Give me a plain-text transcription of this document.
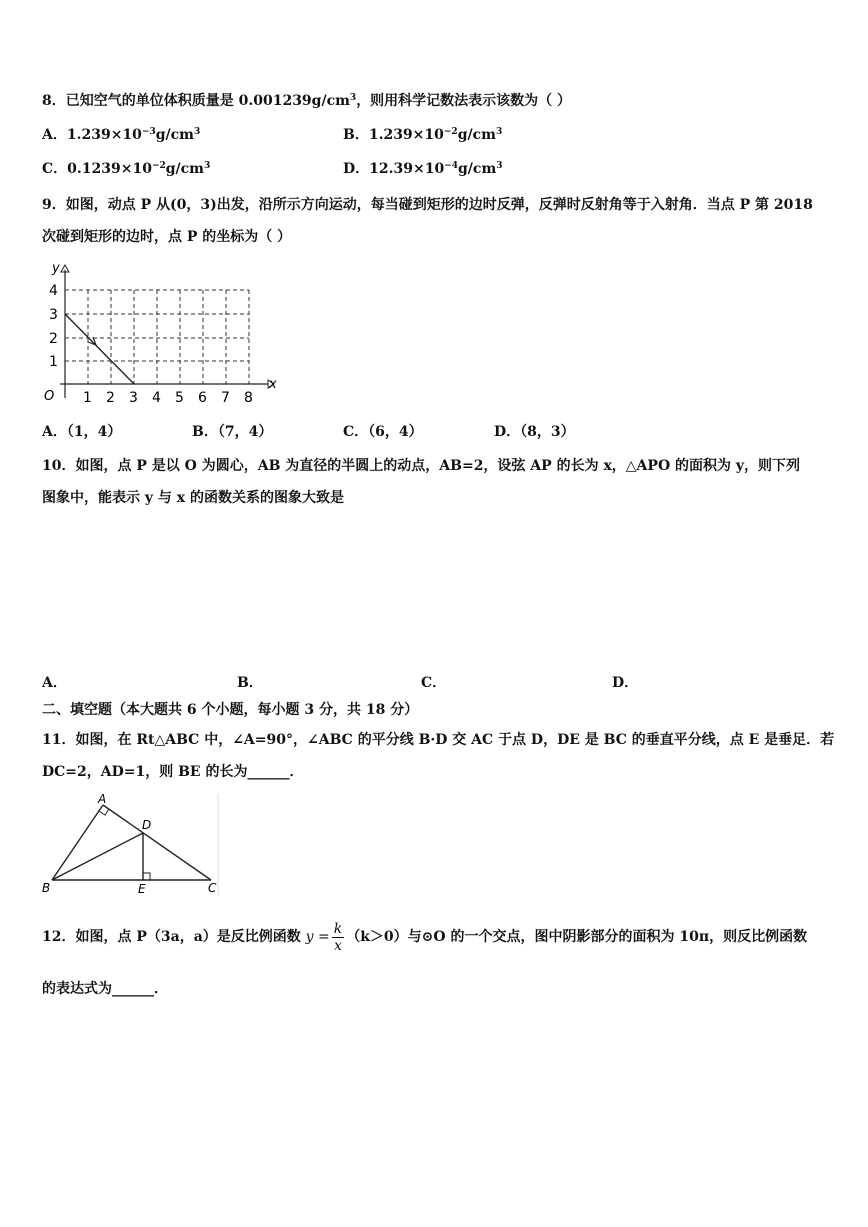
8．已知空气的单位体积质量是 $0.001239g/cm^3$，则用科学记数法表示该数为（ ）
A．$1.239\times 10^{-3}g/cm^3$	B．$1.239\times 10^{-2}g/cm^3$
C．$0.1239\times 10^{-2}g/cm^3$	D．$12.39\times 10^{-4}g/cm^3$
9．如图，动点 P 从(0，3)出发，沿所示方向运动，每当碰到矩形的边时反弹，反弹时反射角等于入射角．当点 P 第 2018
次碰到矩形的边时，点 P 的坐标为（ ）
y
x
O
1
2
3
4
1 2 3 4 5 6 7 8
A．（1，4）	B．（7，4）	C．（6，4）	D．（8，3）
10．如图，点 P 是以 O 为圆心，AB 为直径的半圆上的动点，AB=2，设弦 AP 的长为 x，△APO 的面积为 y，则下列
图象中，能表示 y 与 x 的函数关系的图象大致是
A．	B．	C．	D．
二、填空题（本大题共 6 个小题，每小题 3 分，共 18 分）
11．如图，在 Rt△ABC 中，∠A=90°，∠ABC 的平分线 B·D 交 AC 于点 D，DE 是 BC 的垂直平分线，点 E 是垂足．若
DC=2，AD=1，则 BE 的长为______．
A
D
B	E	C
12．如图，点 P（3a，a）是反比例函数 $y = \frac{k}{x} (k>0)$与⊙O 的一个交点，图中阴影部分的面积为 10π，则反比例函数
的表达式为______．
